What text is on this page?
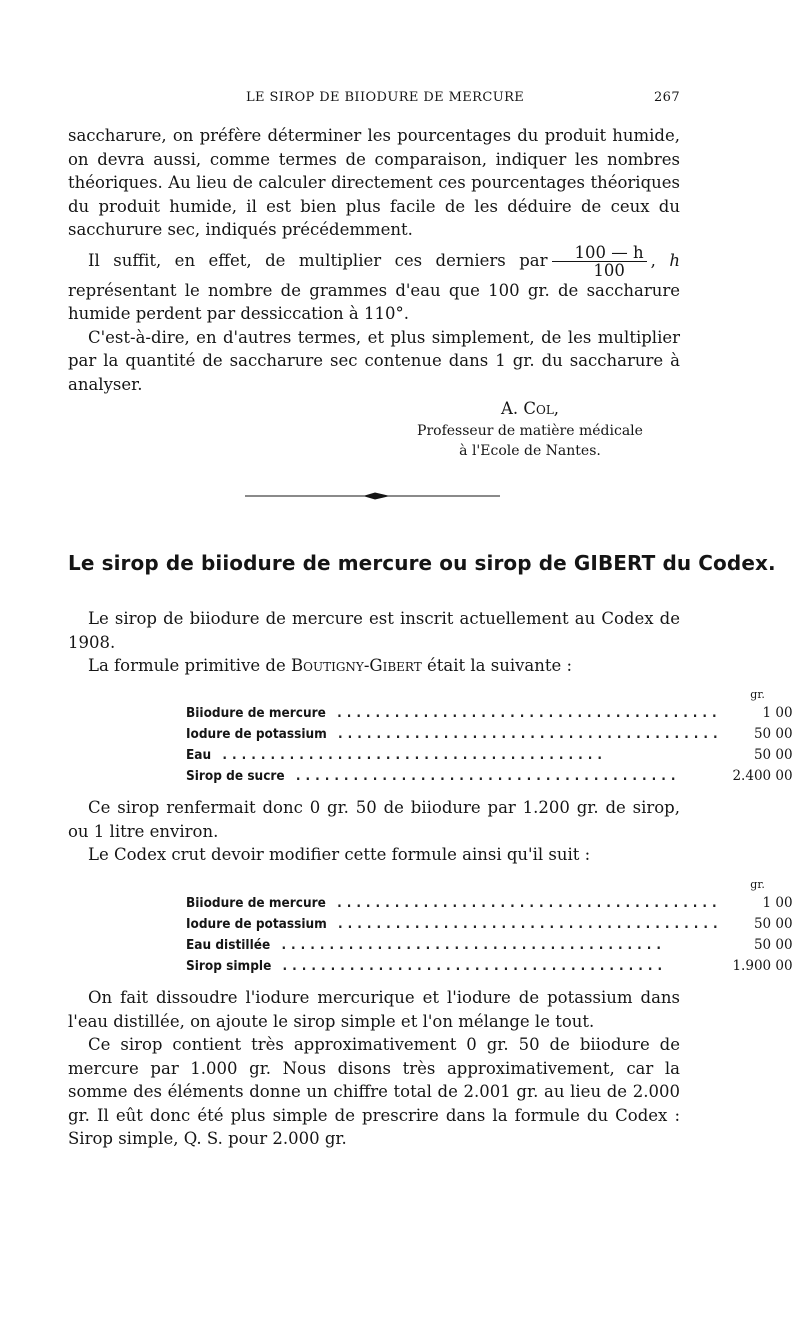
LE SIROP DE BIIODURE DE MERCURE	267

saccharure, on préfère déterminer les pourcentages du produit humide, on devra aussi, comme termes de comparaison, indiquer les nombres théoriques. Au lieu de calculer directement ces pourcentages théoriques du produit humide, il est bien plus facile de les déduire de ceux du sacchurure sec, indiqués précédemment.

Il suffit, en effet, de multiplier ces derniers par $\frac{100 — h}{100}$ , h représentant le nombre de grammes d'eau que 100 gr. de saccharure humide perdent par dessiccation à 110°.

C'est-à-dire, en d'autres termes, et plus simplement, de les multiplier par la quantité de saccharure sec contenue dans 1 gr. du saccharure à analyser.

A. Col,
Professeur de matière médicale
à l'Ecole de Nantes.
Le sirop de biiodure de mercure ou sirop de GIBERT du Codex.

Le sirop de biiodure de mercure est inscrit actuellement au Codex de 1908.

La formule primitive de Boutigny-Gibert était la suivante :

	gr.
Biiodure de mercure ........................................	1 00
Iodure de potassium ........................................	50 00
Eau ........................................	50 00
Sirop de sucre ........................................	2.400 00

Ce sirop renfermait donc 0 gr. 50 de biiodure par 1.200 gr. de sirop, ou 1 litre environ.

Le Codex crut devoir modifier cette formule ainsi qu'il suit :

	gr.
Biiodure de mercure ........................................	1 00
Iodure de potassium ........................................	50 00
Eau distillée ........................................	50 00
Sirop simple ........................................	1.900 00

On fait dissoudre l'iodure mercurique et l'iodure de potassium dans l'eau distillée, on ajoute le sirop simple et l'on mélange le tout.

Ce sirop contient très approximativement 0 gr. 50 de biiodure de mercure par 1.000 gr. Nous disons très approximativement, car la somme des éléments donne un chiffre total de 2.001 gr. au lieu de 2.000 gr. Il eût donc été plus simple de prescrire dans la formule du Codex : Sirop simple, Q. S. pour 2.000 gr.
